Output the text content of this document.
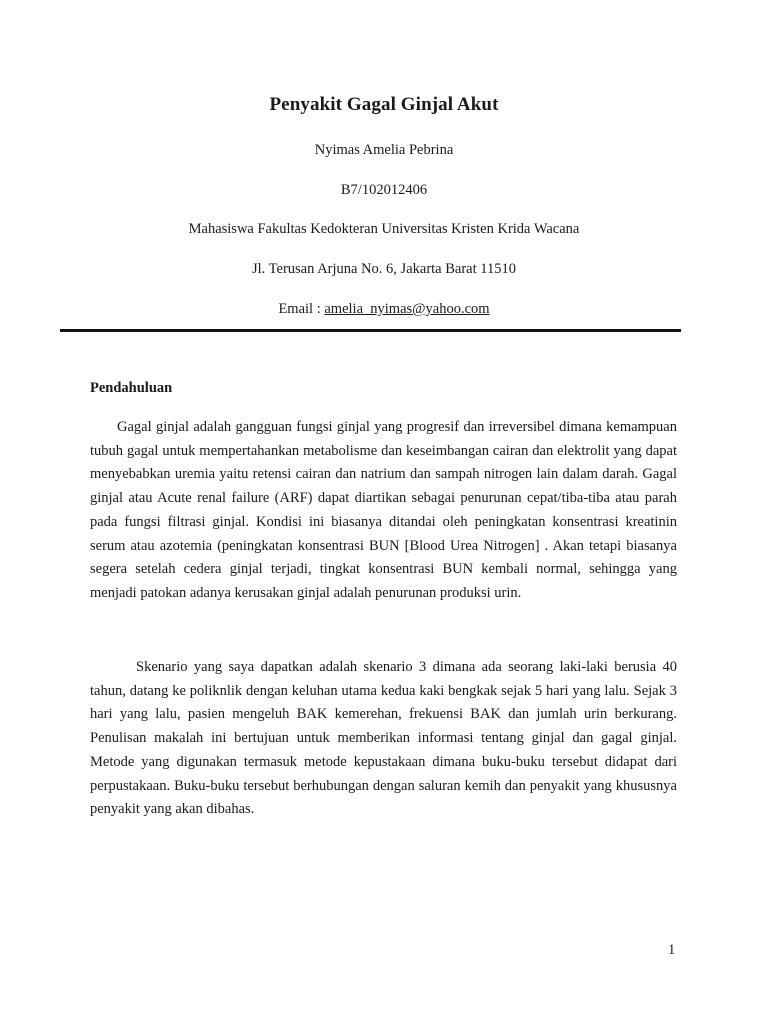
Penyakit Gagal Ginjal Akut
Nyimas Amelia Pebrina
B7/102012406
Mahasiswa Fakultas Kedokteran Universitas Kristen Krida Wacana
Jl. Terusan Arjuna No. 6, Jakarta Barat 11510
Email : amelia_nyimas@yahoo.com
Pendahuluan

Gagal ginjal adalah gangguan fungsi ginjal yang progresif dan irreversibel dimana kemampuan tubuh gagal untuk mempertahankan metabolisme dan keseimbangan cairan dan elektrolit yang dapat menyebabkan uremia yaitu retensi cairan dan natrium dan sampah nitrogen lain dalam darah. Gagal ginjal atau Acute renal failure (ARF) dapat diartikan sebagai penurunan cepat/tiba-tiba atau parah pada fungsi filtrasi ginjal. Kondisi ini biasanya ditandai oleh peningkatan konsentrasi kreatinin serum atau azotemia (peningkatan konsentrasi BUN [Blood Urea Nitrogen] . Akan tetapi biasanya segera setelah cedera ginjal terjadi, tingkat konsentrasi BUN kembali normal, sehingga yang menjadi patokan adanya kerusakan ginjal adalah penurunan produksi urin.

Skenario yang saya dapatkan adalah skenario 3 dimana ada seorang laki-laki berusia 40 tahun, datang ke poliknlik dengan keluhan utama kedua kaki bengkak sejak 5 hari yang lalu. Sejak 3 hari yang lalu, pasien mengeluh BAK kemerehan, frekuensi BAK dan jumlah urin berkurang. Penulisan makalah ini bertujuan untuk memberikan informasi tentang ginjal dan gagal ginjal. Metode yang digunakan termasuk metode kepustakaan dimana buku-buku tersebut didapat dari perpustakaan. Buku-buku tersebut berhubungan dengan saluran kemih dan penyakit yang khususnya penyakit yang akan dibahas.

1
